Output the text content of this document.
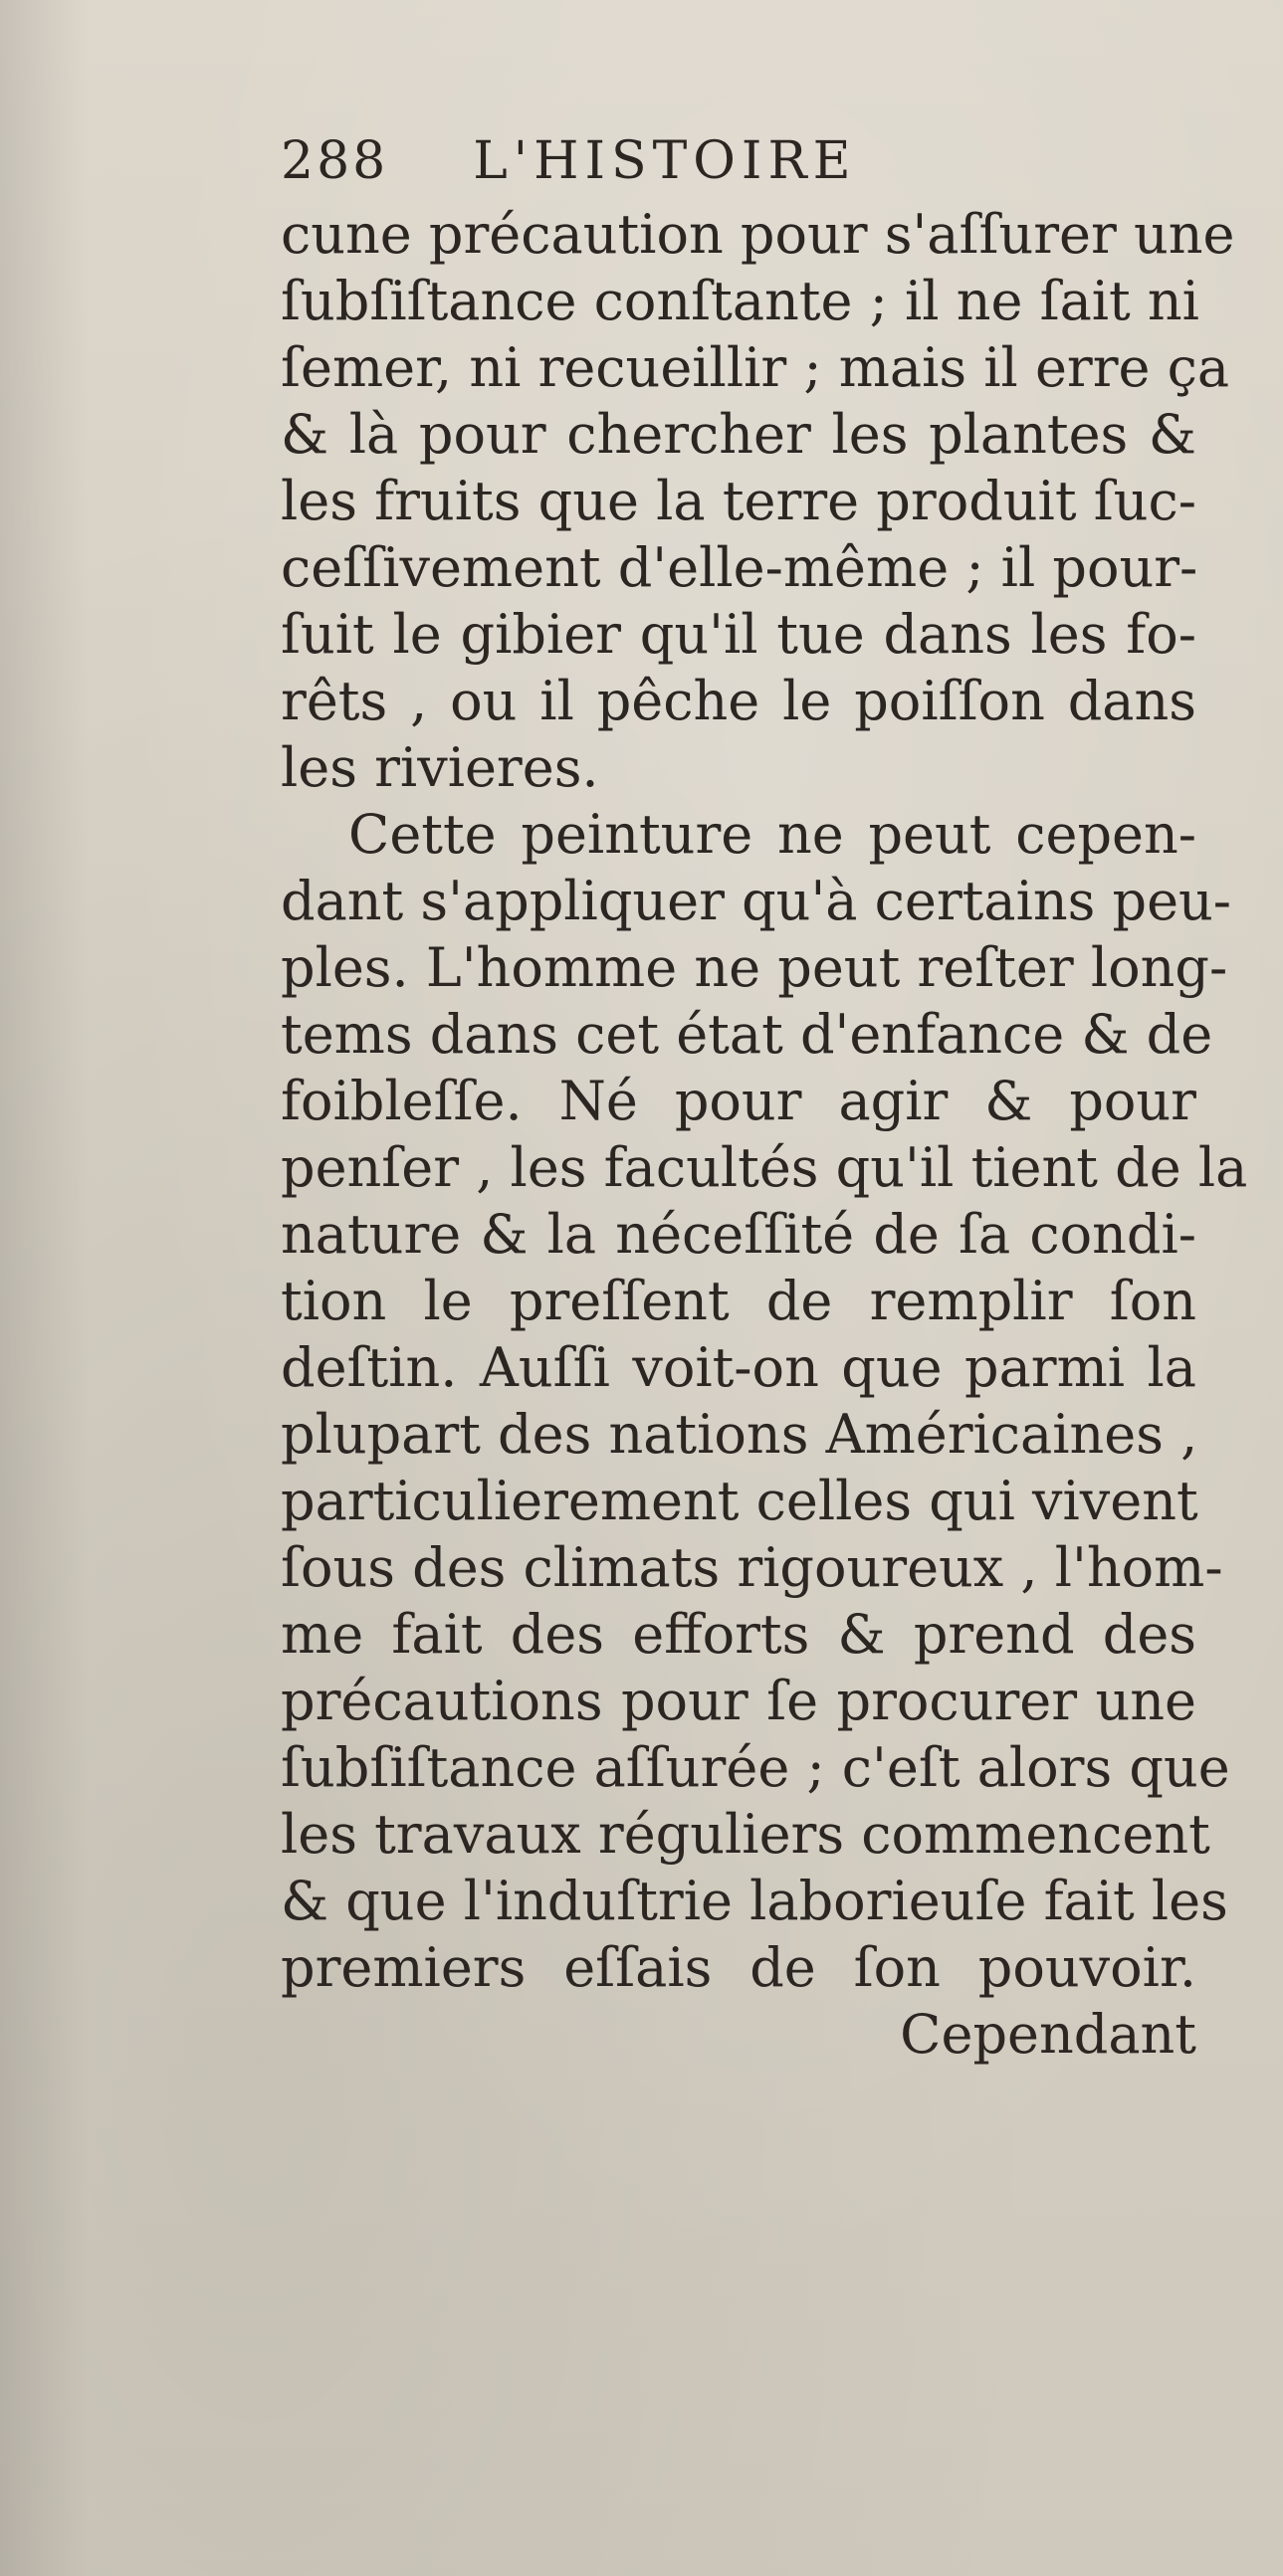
288 L'HISTOIRE
cune précaution pour s'aſſurer une
ſubſiſtance conſtante ; il ne ſait ni
ſemer, ni recueillir ; mais il erre ça
& là pour chercher les plantes &
les fruits que la terre produit ſuc-
ceſſivement d'elle-même ; il pour-
ſuit le gibier qu'il tue dans les fo-
rêts , ou il pêche le poiſſon dans
les rivieres.
Cette peinture ne peut cepen-
dant s'appliquer qu'à certains peu-
ples. L'homme ne peut reſter long-
tems dans cet état d'enfance & de
foibleſſe. Né pour agir & pour
penſer , les facultés qu'il tient de la
nature & la néceſſité de ſa condi-
tion le preſſent de remplir ſon
deſtin. Auſſi voit-on que parmi la
plupart des nations Américaines ,
particulierement celles qui vivent
ſous des climats rigoureux , l'hom-
me fait des efforts & prend des
précautions pour ſe procurer une
ſubſiſtance aſſurée ; c'eſt alors que
les travaux réguliers commencent
& que l'induſtrie laborieuſe fait les
premiers eſſais de ſon pouvoir.
Cependant
